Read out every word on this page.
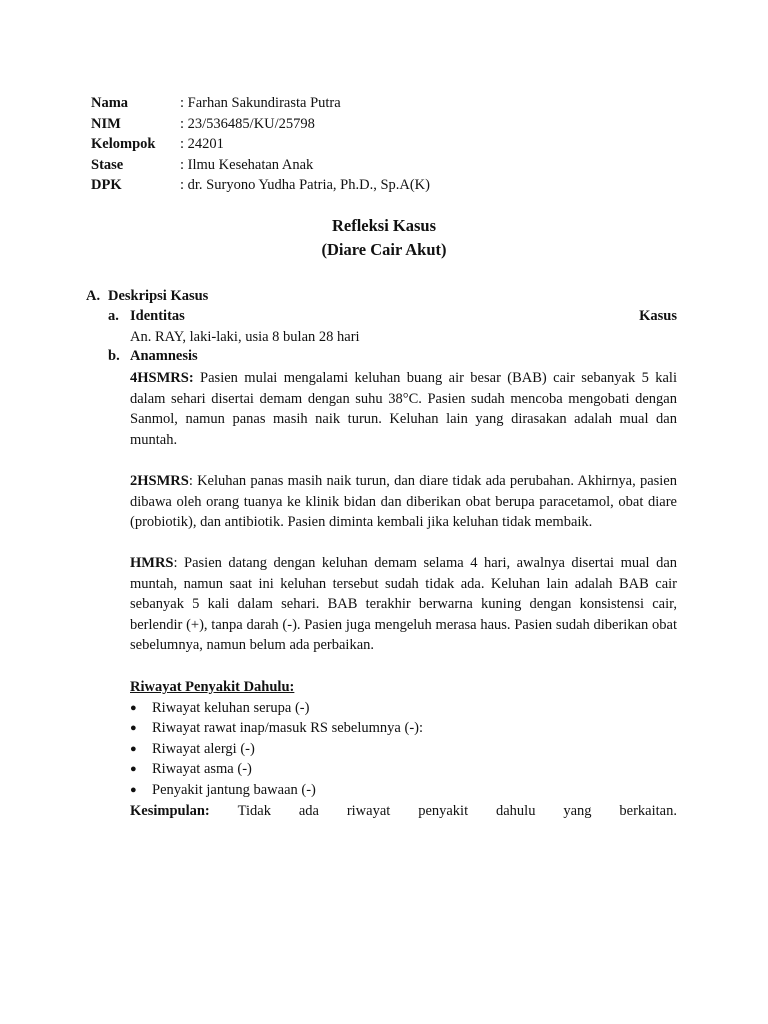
Nama	: Farhan Sakundirasta Putra
NIM	: 23/536485/KU/25798
Kelompok	: 24201
Stase	: Ilmu Kesehatan Anak
DPK	: dr. Suryono Yudha Patria, Ph.D., Sp.A(K)
Refleksi Kasus
(Diare Cair Akut)
A. Deskripsi Kasus
a. Identitas	Kasus
An. RAY, laki-laki, usia 8 bulan 28 hari
b. Anamnesis
4HSMRS: Pasien mulai mengalami keluhan buang air besar (BAB) cair sebanyak 5 kali dalam sehari disertai demam dengan suhu 38°C. Pasien sudah mencoba mengobati dengan Sanmol, namun panas masih naik turun. Keluhan lain yang dirasakan adalah mual dan muntah.
2HSMRS: Keluhan panas masih naik turun, dan diare tidak ada perubahan. Akhirnya, pasien dibawa oleh orang tuanya ke klinik bidan dan diberikan obat berupa paracetamol, obat diare (probiotik), dan antibiotik. Pasien diminta kembali jika keluhan tidak membaik.
HMRS: Pasien datang dengan keluhan demam selama 4 hari, awalnya disertai mual dan muntah, namun saat ini keluhan tersebut sudah tidak ada. Keluhan lain adalah BAB cair sebanyak 5 kali dalam sehari. BAB terakhir berwarna kuning dengan konsistensi cair, berlendir (+), tanpa darah (-). Pasien juga mengeluh merasa haus. Pasien sudah diberikan obat sebelumnya, namun belum ada perbaikan.
Riwayat Penyakit Dahulu:
●	Riwayat keluhan serupa (-)
●	Riwayat rawat inap/masuk RS sebelumnya (-):
●	Riwayat alergi (-)
●	Riwayat asma (-)
●	Penyakit jantung bawaan (-)
Kesimpulan: Tidak ada riwayat penyakit dahulu yang berkaitan.
